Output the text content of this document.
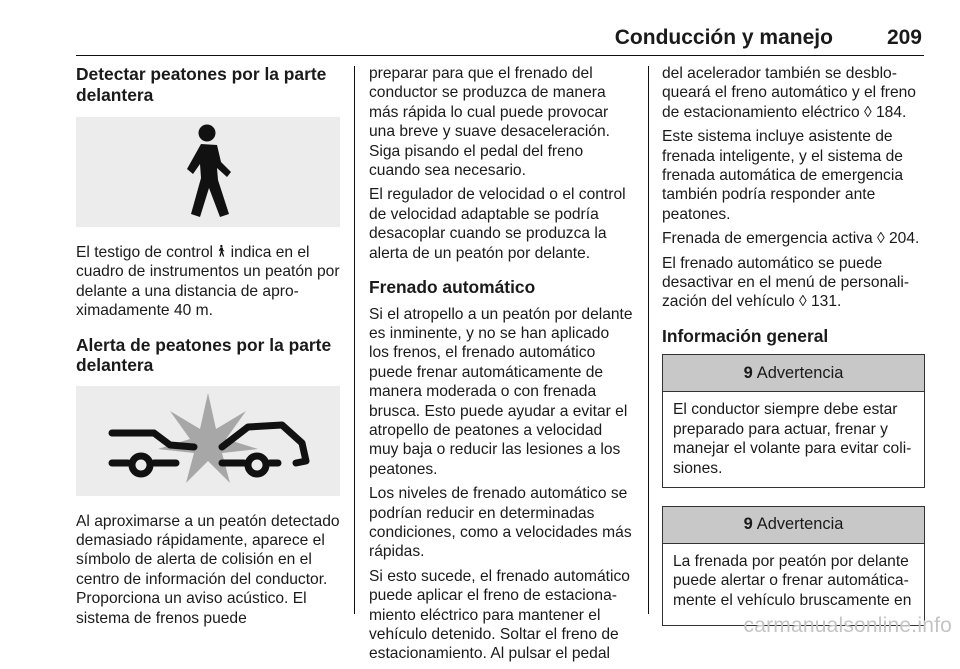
Conducción y manejo	209
Detectar peatones por la parte delantera

El testigo de control  indica en el cuadro de instrumentos un peatón por delante a una distancia de aproximadamente 40 m.

Alerta de peatones por la parte delantera

Al aproximarse a un peatón detectado demasiado rápidamente, aparece el símbolo de alerta de colisión en el centro de información del conductor. Proporciona un aviso acústico. El sistema de frenos puede

preparar para que el frenado del conductor se produzca de manera más rápida lo cual puede provocar una breve y suave desaceleración. Siga pisando el pedal del freno cuando sea necesario.

El regulador de velocidad o el control de velocidad adaptable se podría desacoplar cuando se produzca la alerta de un peatón por delante.

Frenado automático

Si el atropello a un peatón por delante es inminente, y no se han aplicado los frenos, el frenado automático puede frenar automáticamente de manera moderada o con frenada brusca. Esto puede ayudar a evitar el atropello de peatones a velocidad muy baja o reducir las lesiones a los peatones.

Los niveles de frenado automático se podrían reducir en determinadas condiciones, como a velocidades más rápidas.

Si esto sucede, el frenado automático puede aplicar el freno de estacionamiento eléctrico para mantener el vehículo detenido. Soltar el freno de estacionamiento. Al pulsar el pedal

del acelerador también se desbloqueará el freno automático y el freno de estacionamiento eléctrico ◊ 184.

Este sistema incluye asistente de frenada inteligente, y el sistema de frenada automática de emergencia también podría responder ante peatones.

Frenada de emergencia activa ◊ 204.

El frenado automático se puede desactivar en el menú de personalización del vehículo ◊ 131.

Información general
9 Advertencia
El conductor siempre debe estar preparado para actuar, frenar y manejar el volante para evitar colisiones.
9 Advertencia
La frenada por peatón por delante puede alertar o frenar automáticamente el vehículo bruscamente en
carmanualsonline.info
